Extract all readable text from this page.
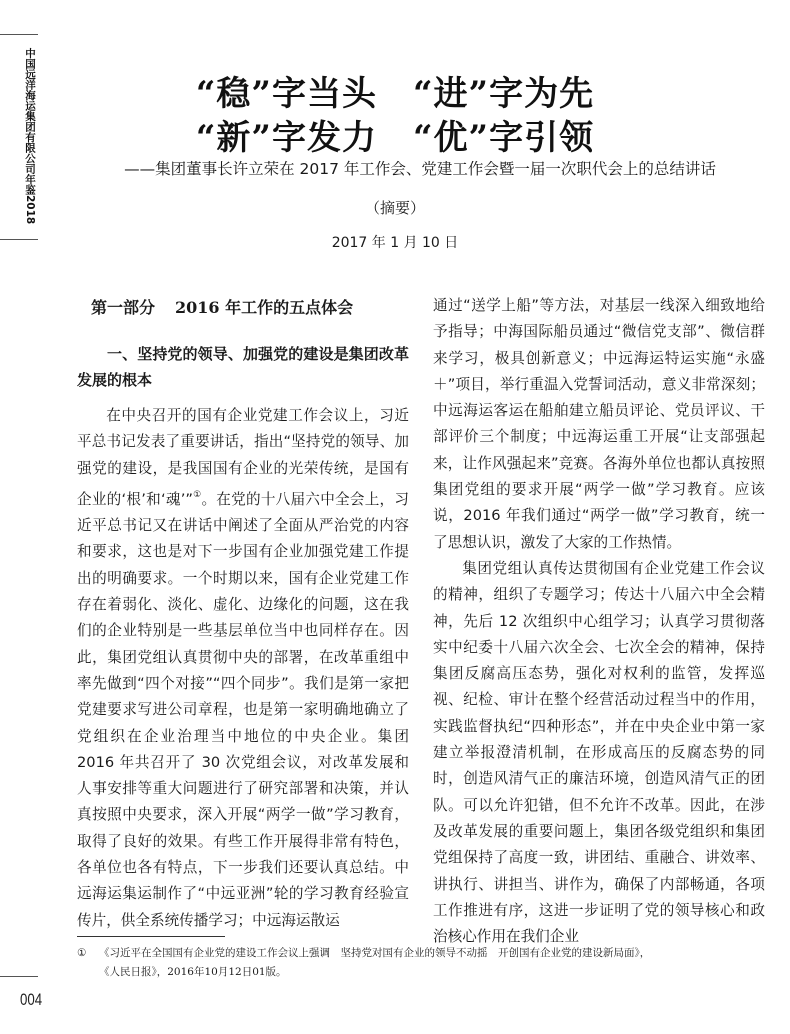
中国远洋海运集团有限公司年鉴2018
“稳”字当头 “进”字为先
“新”字发力 “优”字引领
——集团董事长许立荣在 2017 年工作会、党建工作会暨一届一次职代会上的总结讲话
（摘要）
2017 年 1 月 10 日
第一部分 2016 年工作的五点体会
一、坚持党的领导、加强党的建设是集团改革发展的根本

在中央召开的国有企业党建工作会议上，习近平总书记发表了重要讲话，指出“坚持党的领导、加强党的建设，是我国国有企业的光荣传统，是国有企业的‘根’和‘魂’”①。在党的十八届六中全会上，习近平总书记又在讲话中阐述了全面从严治党的内容和要求，这也是对下一步国有企业加强党建工作提出的明确要求。一个时期以来，国有企业党建工作存在着弱化、淡化、虚化、边缘化的问题，这在我们的企业特别是一些基层单位当中也同样存在。因此，集团党组认真贯彻中央的部署，在改革重组中率先做到“四个对接”“四个同步”。我们是第一家把党建要求写进公司章程，也是第一家明确地确立了党组织在企业治理当中地位的中央企业。集团 2016 年共召开了 30 次党组会议，对改革发展和人事安排等重大问题进行了研究部署和决策，并认真按照中央要求，深入开展“两学一做”学习教育，取得了良好的效果。有些工作开展得非常有特色，各单位也各有特点，下一步我们还要认真总结。中远海运集运制作了“中远亚洲”轮的学习教育经验宣传片，供全系统传播学习；中远海运散运

通过“送学上船”等方法，对基层一线深入细致地给予指导；中海国际船员通过“微信党支部”、微信群来学习，极具创新意义；中远海运特运实施“永盛＋”项目，举行重温入党誓词活动，意义非常深刻；中远海运客运在船舶建立船员评论、党员评议、干部评价三个制度；中远海运重工开展“让支部强起来，让作风强起来”竞赛。各海外单位也都认真按照集团党组的要求开展“两学一做”学习教育。应该说，2016 年我们通过“两学一做”学习教育，统一了思想认识，激发了大家的工作热情。

集团党组认真传达贯彻国有企业党建工作会议的精神，组织了专题学习；传达十八届六中全会精神，先后 12 次组织中心组学习；认真学习贯彻落实中纪委十八届六次全会、七次全会的精神，保持集团反腐高压态势，强化对权利的监管，发挥巡视、纪检、审计在整个经营活动过程当中的作用，实践监督执纪“四种形态”，并在中央企业中第一家建立举报澄清机制，在形成高压的反腐态势的同时，创造风清气正的廉洁环境，创造风清气正的团队。可以允许犯错，但不允许不改革。因此，在涉及改革发展的重要问题上，集团各级党组织和集团党组保持了高度一致，讲团结、重融合、讲效率、讲执行、讲担当、讲作为，确保了内部畅通，各项工作推进有序，这进一步证明了党的领导核心和政治核心作用在我们企业

① 《习近平在全国国有企业党的建设工作会议上强调　坚持党对国有企业的领导不动摇　开创国有企业党的建设新局面》，
《人民日报》，2016年10月12日01版。
004
